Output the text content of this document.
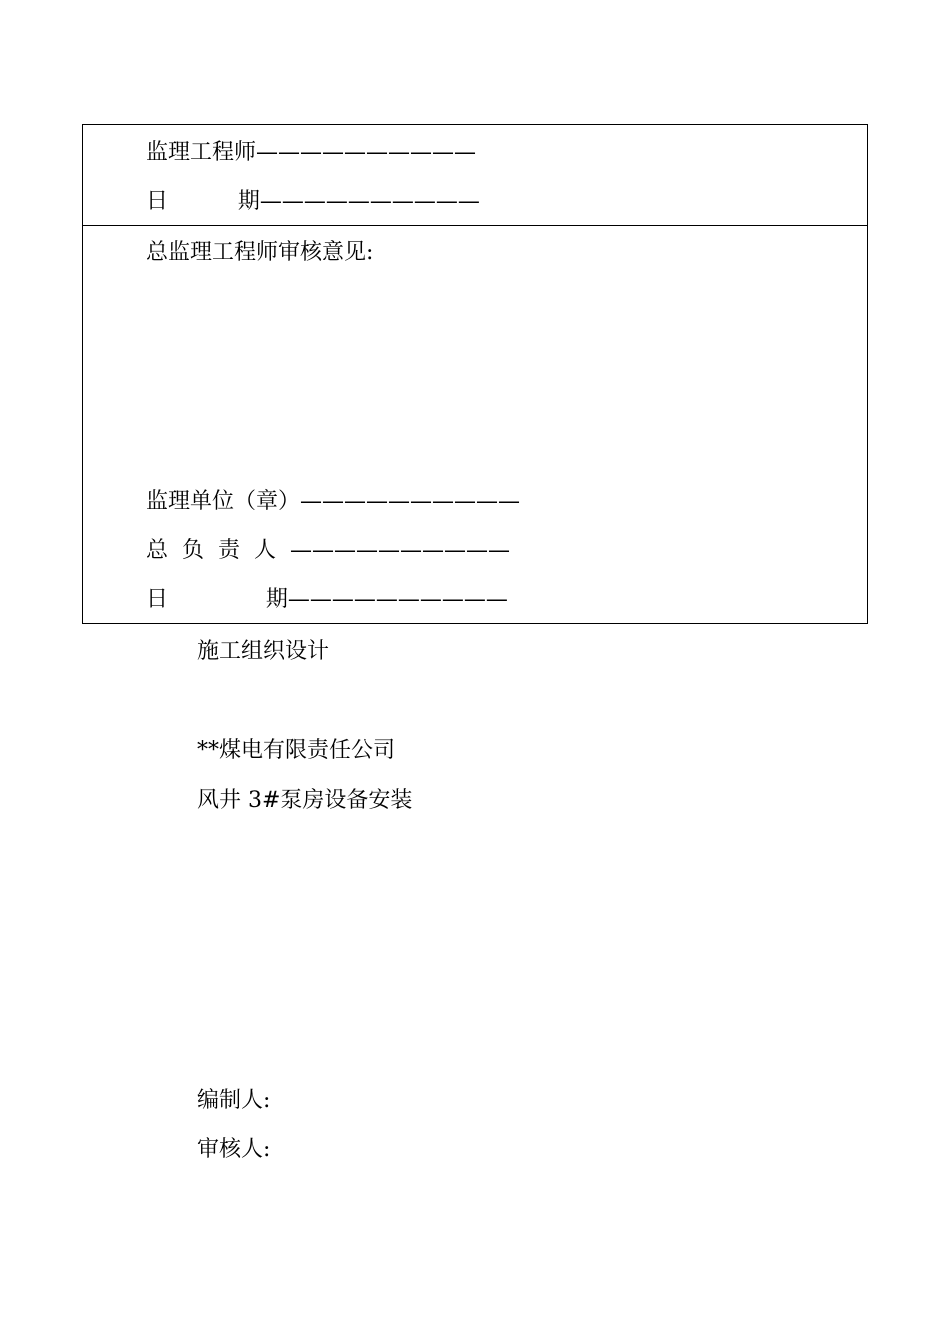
监理工程师——————————
日          期——————————
总监理工程师审核意见:
监理单位（章）——————————
总  负  责  人  ——————————
日              期——————————
施工组织设计
**煤电有限责任公司
风井 3#泵房设备安装
编制人:
审核人:
